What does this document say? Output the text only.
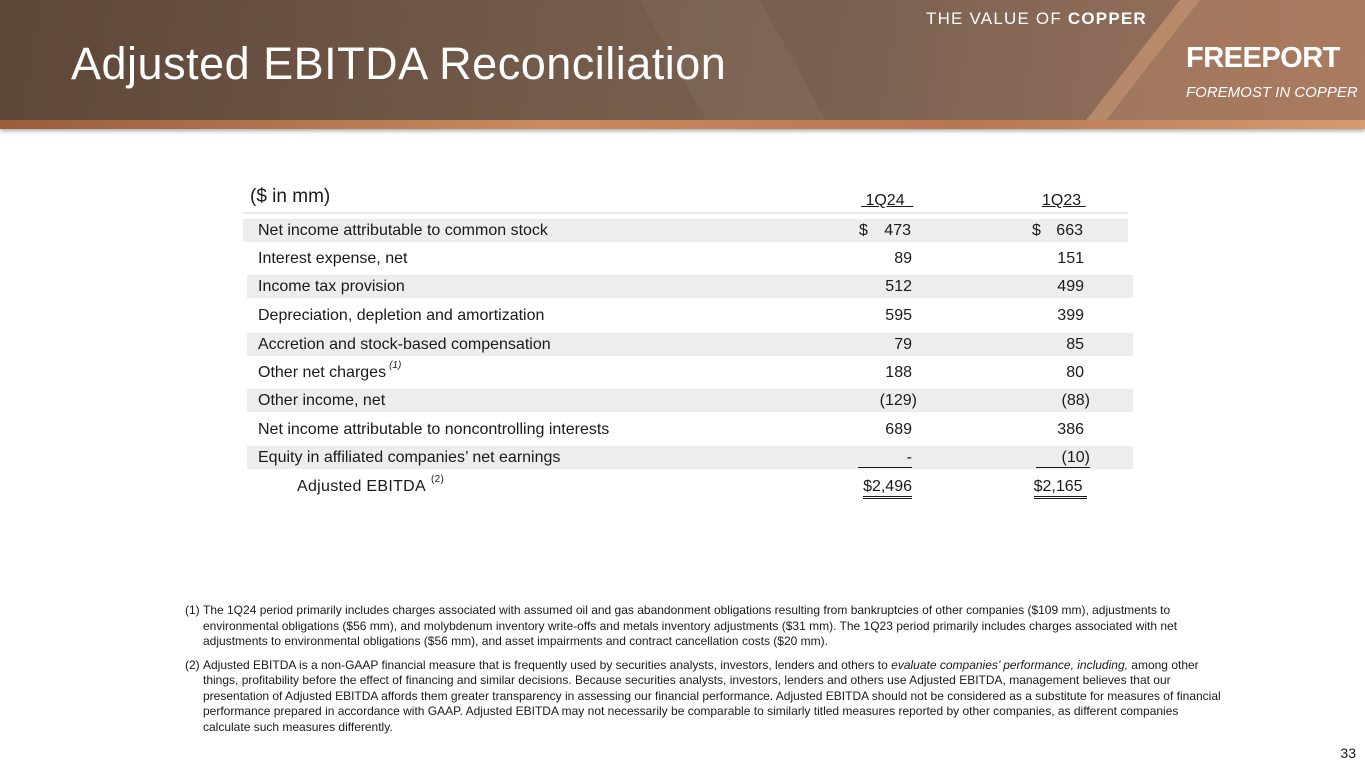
Adjusted EBITDA Reconciliation
THE VALUE OF COPPER
FREEPORT
FOREMOST IN COPPER
($ in mm)	1Q24	1Q23
Net income attributable to common stock	$ 473	$ 663
Interest expense, net	89	151
Income tax provision	512	499
Depreciation, depletion and amortization	595	399
Accretion and stock-based compensation	79	85
Other net charges $^{(1)}$	188	80
Other income, net	(129)	(88)
Net income attributable to noncontrolling interests	689	386
Equity in affiliated companies’ net earnings	-	(10)
Adjusted EBITDA $^{(2)}$	$2,496	$2,165
(1) The 1Q24 period primarily includes charges associated with assumed oil and gas abandonment obligations resulting from bankruptcies of other companies ($109 mm), adjustments to environmental obligations ($56 mm), and molybdenum inventory write-offs and metals inventory adjustments ($31 mm). The 1Q23 period primarily includes charges associated with net adjustments to environmental obligations ($56 mm), and asset impairments and contract cancellation costs ($20 mm).
(2) Adjusted EBITDA is a non-GAAP financial measure that is frequently used by securities analysts, investors, lenders and others to evaluate companies’ performance, including, among other things, profitability before the effect of financing and similar decisions. Because securities analysts, investors, lenders and others use Adjusted EBITDA, management believes that our presentation of Adjusted EBITDA affords them greater transparency in assessing our financial performance. Adjusted EBITDA should not be considered as a substitute for measures of financial performance prepared in accordance with GAAP. Adjusted EBITDA may not necessarily be comparable to similarly titled measures reported by other companies, as different companies calculate such measures differently.
33
